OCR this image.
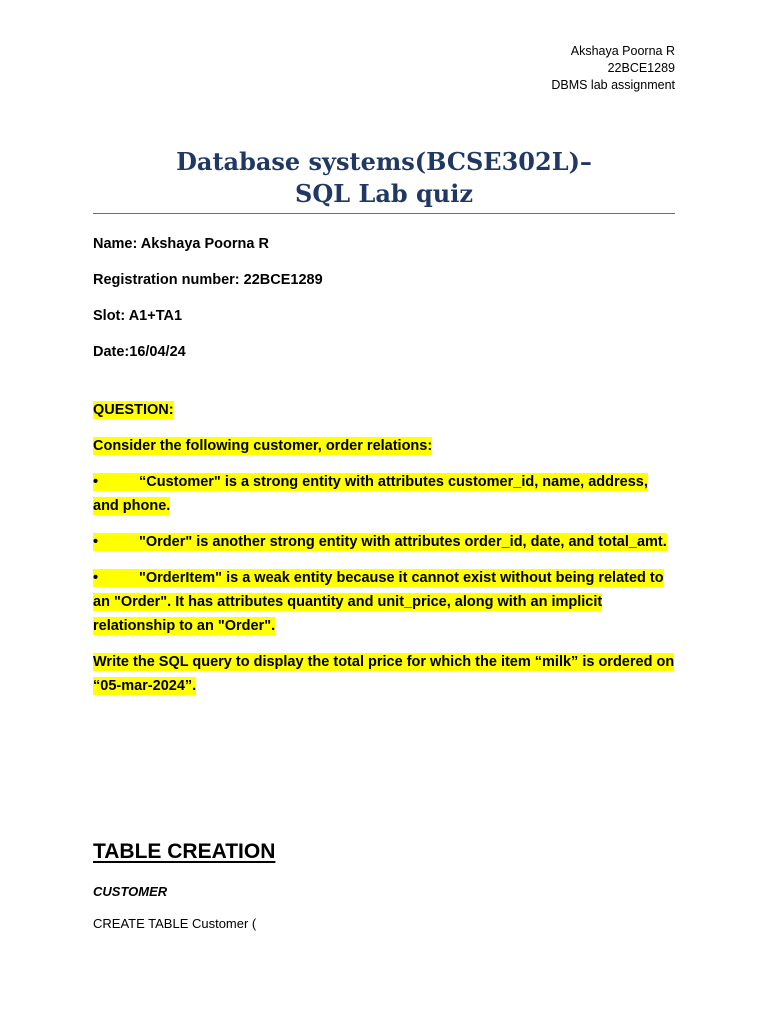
Akshaya Poorna R
22BCE1289
DBMS lab assignment
Database systems(BCSE302L)–
SQL Lab quiz

Name: Akshaya Poorna R

Registration number: 22BCE1289

Slot: A1+TA1

Date:16/04/24

QUESTION:

Consider the following customer, order relations:

•	“Customer" is a strong entity with attributes customer_id, name, address, and phone.

•	"Order" is another strong entity with attributes order_id, date, and total_amt.

•	"OrderItem" is a weak entity because it cannot exist without being related to an "Order". It has attributes quantity and unit_price, along with an implicit relationship to an "Order".

Write the SQL query to display the total price for which the item “milk” is ordered on “05-mar-2024”.

TABLE CREATION
CUSTOMER
CREATE TABLE Customer (
